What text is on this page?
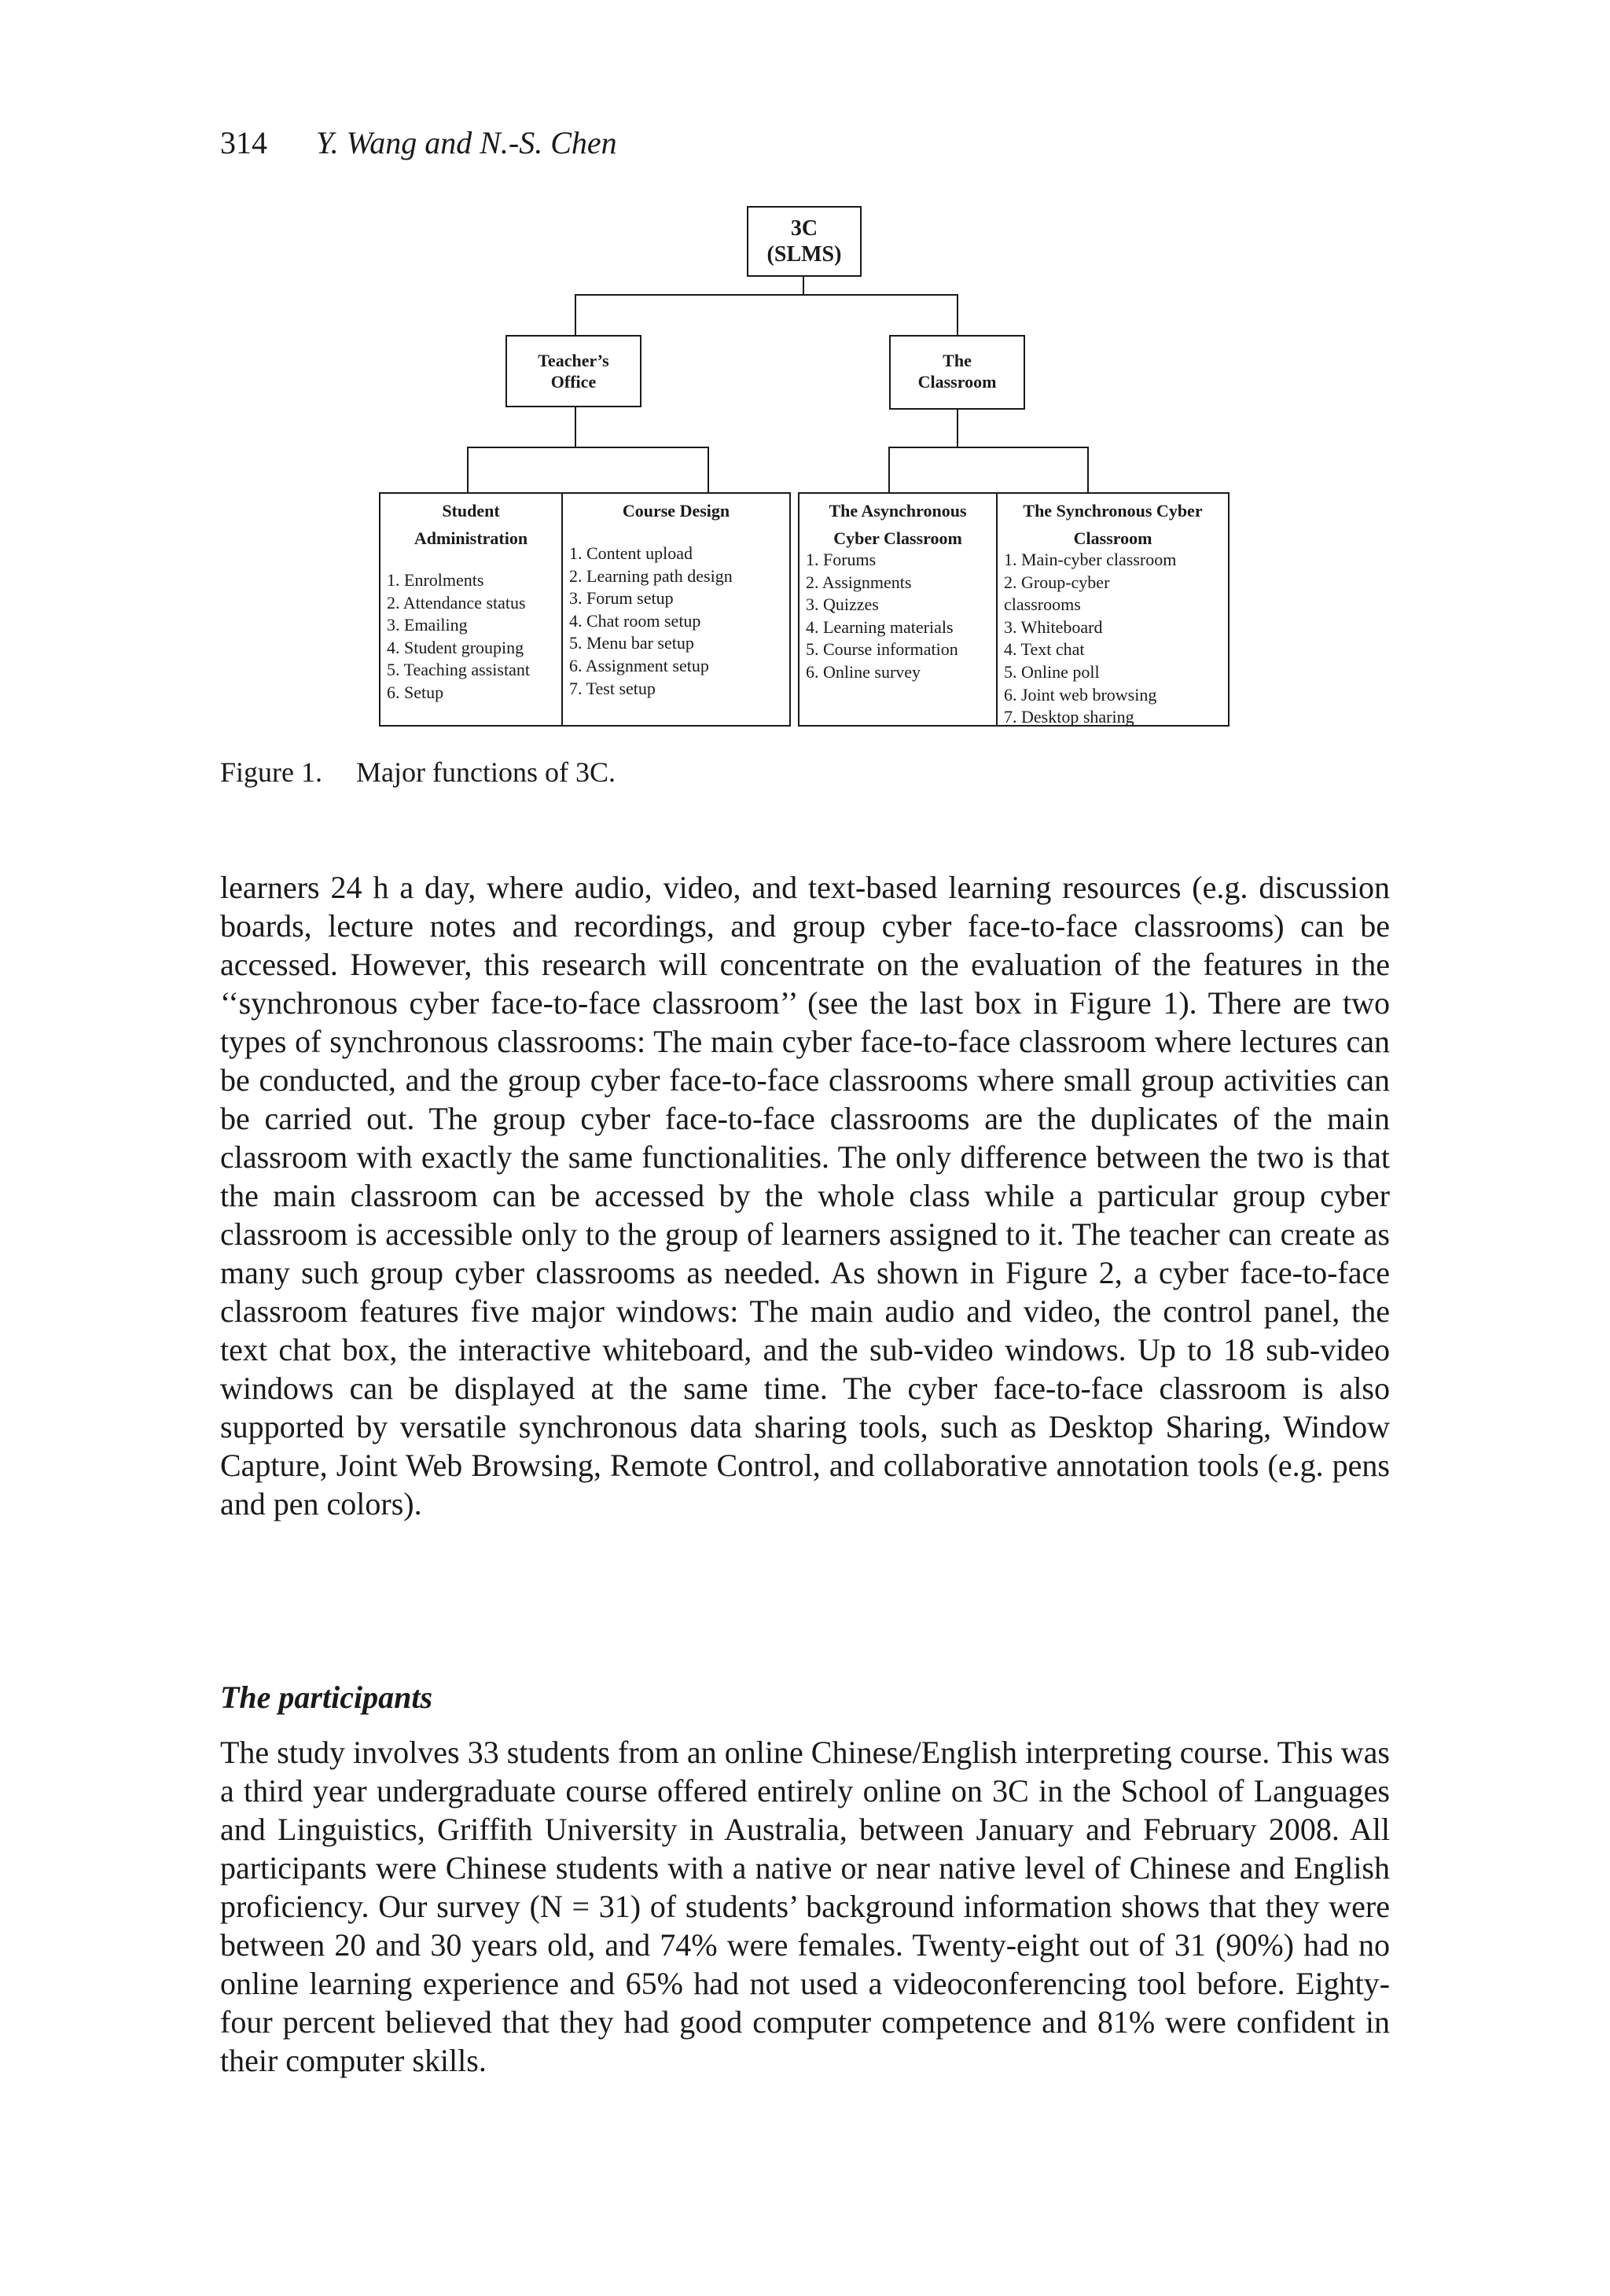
314 Y. Wang and N.-S. Chen
3C
(SLMS)
Teacher’s
Office
The
Classroom
Student
Administration
1. Enrolments
2. Attendance status
3. Emailing
4. Student grouping
5. Teaching assistant
6. Setup
Course Design
1. Content upload
2. Learning path design
3. Forum setup
4. Chat room setup
5. Menu bar setup
6. Assignment setup
7. Test setup
The Asynchronous
Cyber Classroom
1. Forums
2. Assignments
3. Quizzes
4. Learning materials
5. Course information
6. Online survey
The Synchronous Cyber
Classroom
1. Main-cyber classroom
2. Group-cyber classrooms
3. Whiteboard
4. Text chat
5. Online poll
6. Joint web browsing
7. Desktop sharing
Figure 1. Major functions of 3C.

learners 24 h a day, where audio, video, and text-based learning resources (e.g. discussion boards, lecture notes and recordings, and group cyber face-to-face classrooms) can be accessed. However, this research will concentrate on the evaluation of the features in the ‘‘synchronous cyber face-to-face classroom’’ (see the last box in Figure 1). There are two types of synchronous classrooms: The main cyber face-to-face classroom where lectures can be conducted, and the group cyber face-to-face classrooms where small group activities can be carried out. The group cyber face-to-face classrooms are the duplicates of the main classroom with exactly the same functionalities. The only difference between the two is that the main classroom can be accessed by the whole class while a particular group cyber classroom is accessible only to the group of learners assigned to it. The teacher can create as many such group cyber classrooms as needed. As shown in Figure 2, a cyber face-to-face classroom features five major windows: The main audio and video, the control panel, the text chat box, the interactive whiteboard, and the sub-video windows. Up to 18 sub-video windows can be displayed at the same time. The cyber face-to-face classroom is also supported by versatile synchronous data sharing tools, such as Desktop Sharing, Window Capture, Joint Web Browsing, Remote Control, and collaborative annotation tools (e.g. pens and pen colors).

The participants

The study involves 33 students from an online Chinese/English interpreting course. This was a third year undergraduate course offered entirely online on 3C in the School of Languages and Linguistics, Griffith University in Australia, between January and February 2008. All participants were Chinese students with a native or near native level of Chinese and English proficiency. Our survey (N = 31) of students’ background information shows that they were between 20 and 30 years old, and 74% were females. Twenty-eight out of 31 (90%) had no online learning experience and 65% had not used a videoconferencing tool before. Eighty-four percent believed that they had good computer competence and 81% were confident in their computer skills.
